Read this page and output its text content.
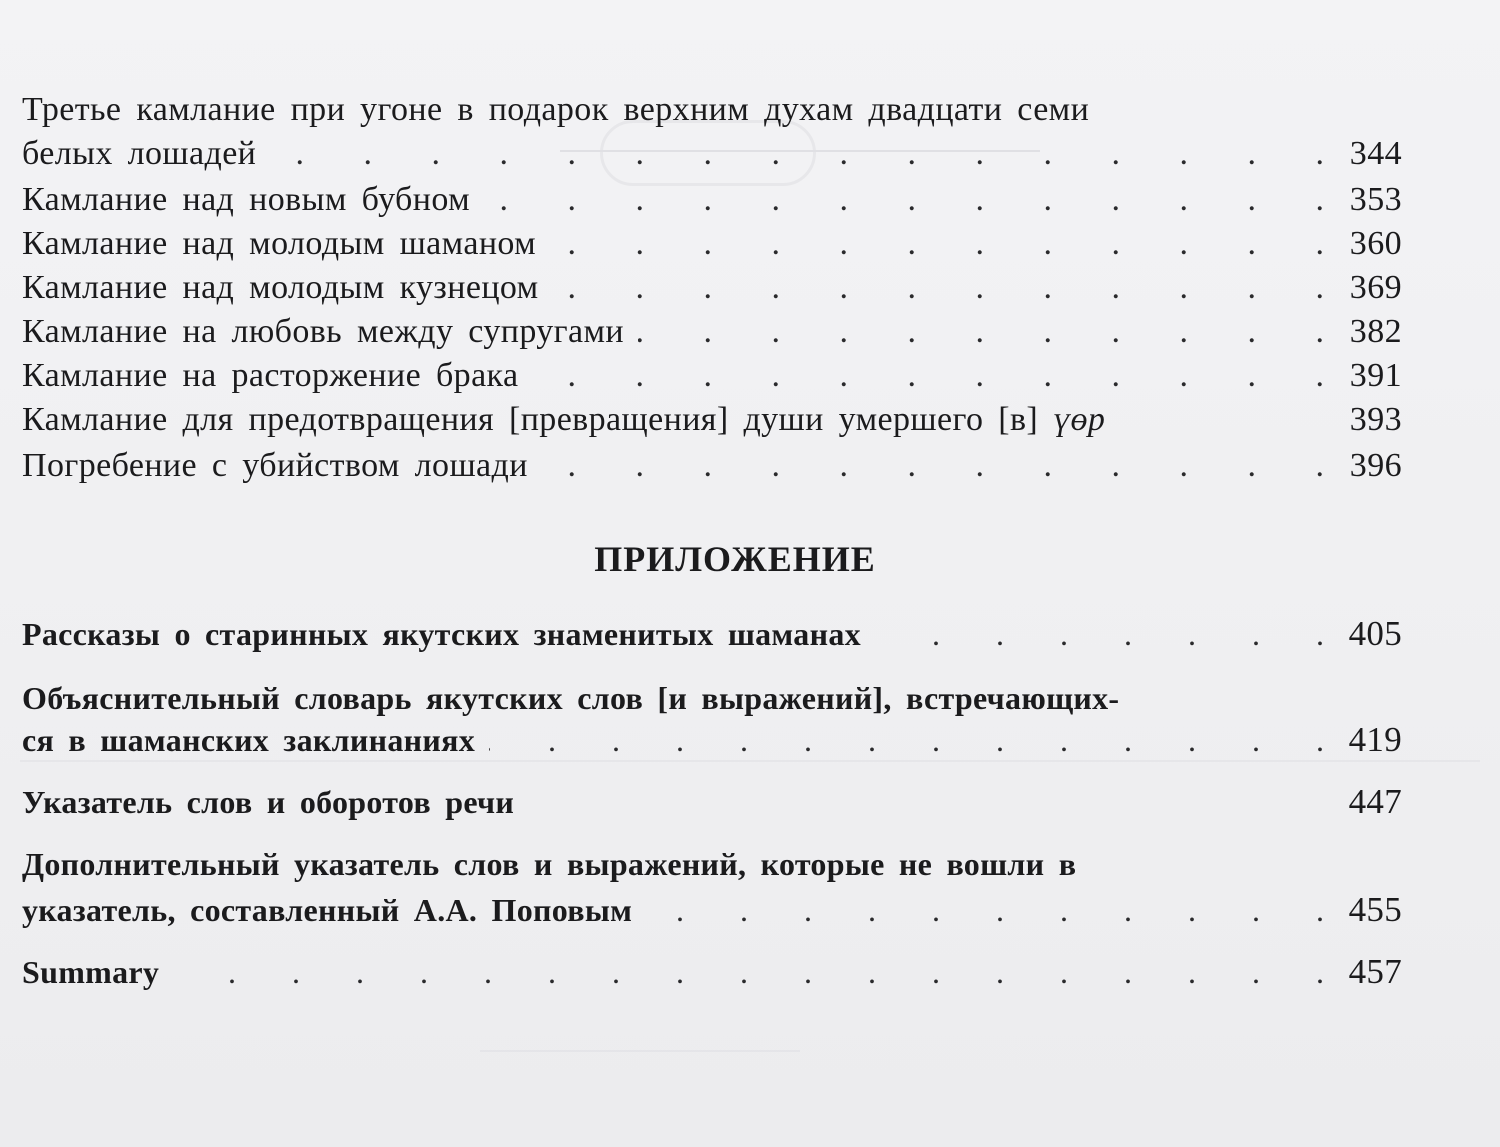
Третье камлание при угоне в подарок верхним духам двадцати семи
белых лошадей .	344
Камлание над новым бубном .	353
Камлание над молодым шаманом .	360
Камлание над молодым кузнецом .	369
Камлание на любовь между супругами .	382
Камлание на расторжение брака .	391
Камлание для предотвращения [превращения] души умершего [в] үөр	393
Погребение с убийством лошади .	396
ПРИЛОЖЕНИЕ
Рассказы о старинных якутских знаменитых шаманах .	405
Объяснительный словарь якутских слов [и выражений], встречающих-
ся в шаманских заклинаниях .	419
Указатель слов и оборотов речи	447
Дополнительный указатель слов и выражений, которые не вошли в
указатель, составленный А.А. Поповым .	455
Summary .	457
